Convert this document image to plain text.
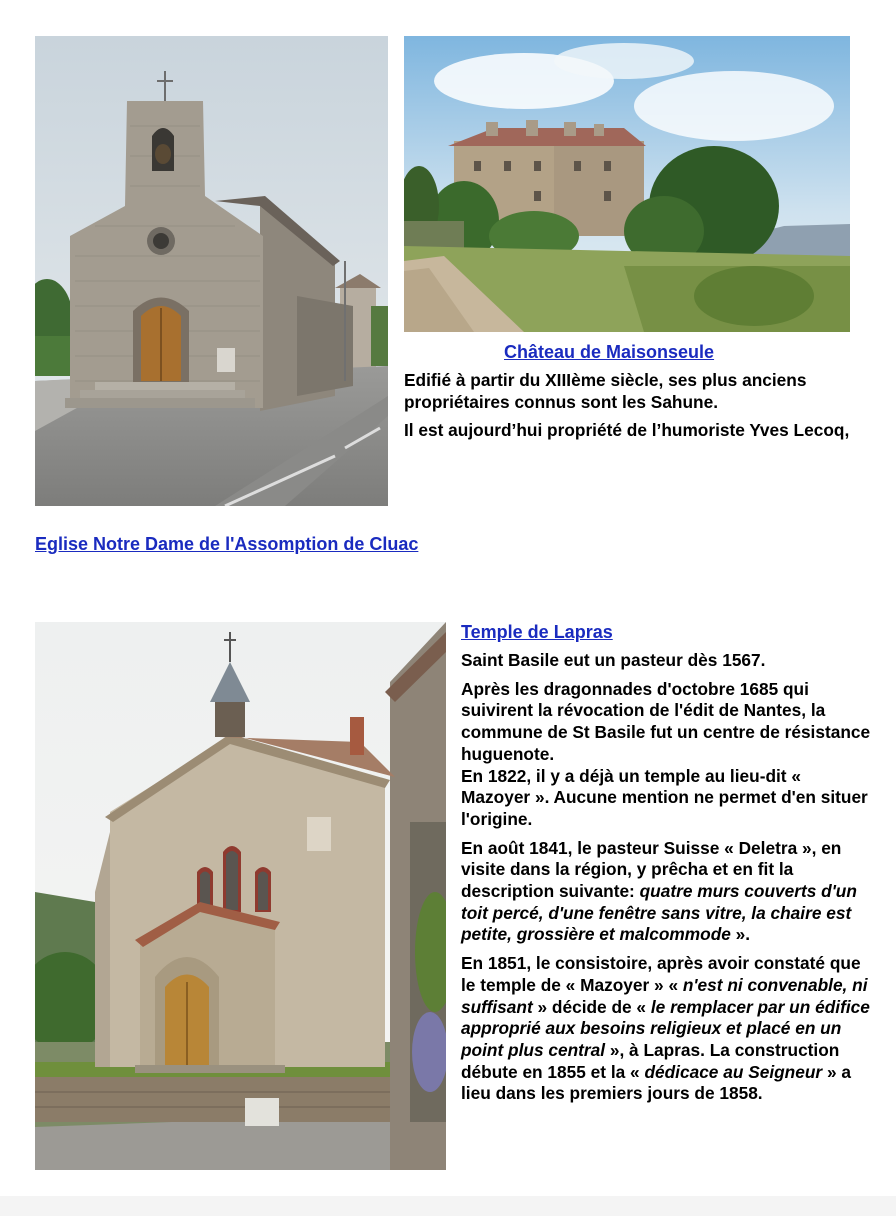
Château de Maisonseule

Edifié à partir du XIIIème siècle, ses plus anciens propriétaires connus sont les Sahune.

Il est aujourd’hui propriété de l’humoriste Yves Lecoq,

Eglise Notre Dame de l'Assomption de Cluac

Saint Basile eut un pasteur dès 1567.

Après les dragonnades d'octobre 1685 qui suivirent la révocation de l'édit de Nantes, la commune de St Basile fut un centre de résistance huguenote.
En 1822, il y a déjà un temple au lieu-dit « Mazoyer ». Aucune mention ne permet d'en situer l'origine.

En août 1841, le pasteur Suisse « Deletra », en visite dans la région, y prêcha et en fit la description suivante: quatre murs couverts d'un toit percé, d'une fenêtre sans vitre, la chaire est petite, grossière et malcommode ».

En 1851, le consistoire, après avoir constaté que le temple de « Mazoyer » « n'est ni convenable, ni suffisant » décide de « le remplacer par un édifice approprié aux besoins religieux et placé en un point plus central », à Lapras. La construction débute en 1855 et la « dédicace au Seigneur » a lieu dans les premiers jours de 1858.

Temple de Lapras
